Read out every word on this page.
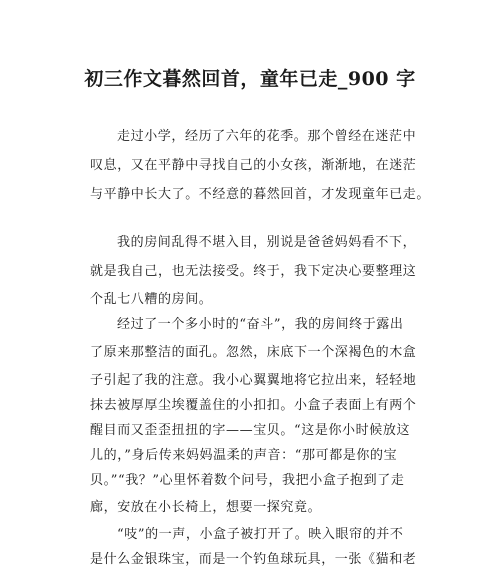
初三作文暮然回首，童年已走_900 字
走过小学，经历了六年的花季。那个曾经在迷茫中
叹息，又在平静中寻找自己的小女孩，渐渐地，在迷茫
与平静中长大了。不经意的暮然回首，才发现童年已走。
我的房间乱得不堪入目，别说是爸爸妈妈看不下，
就是我自己，也无法接受。终于，我下定决心要整理这
个乱七八糟的房间。
经过了一个多小时的“奋斗”，我的房间终于露出
了原来那整洁的面孔。忽然，床底下一个深褐色的木盒
子引起了我的注意。我小心翼翼地将它拉出来，轻轻地
抹去被厚厚尘埃覆盖住的小扣扣。小盒子表面上有两个
醒目而又歪歪扭扭的字——宝贝。“这是你小时候放这
儿的，”身后传来妈妈温柔的声音：“那可都是你的宝
贝。”“我？”心里怀着数个问号，我把小盒子抱到了走
廊，安放在小长椅上，想要一探究竟。
“吱”的一声，小盒子被打开了。映入眼帘的并不
是什么金银珠宝，而是一个钓鱼球玩具，一张《猫和老
